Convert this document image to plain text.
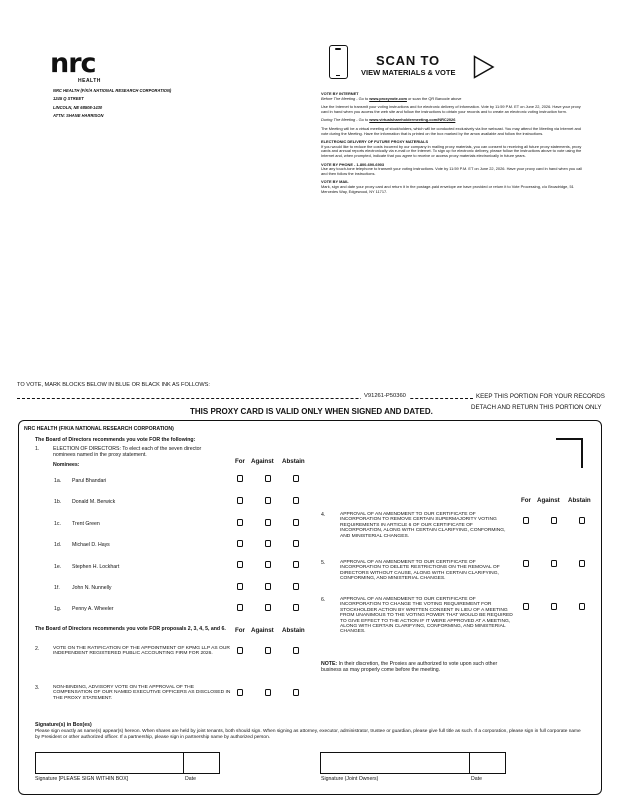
nrc
HEALTH
NRC HEALTH (F/K/A NATIONAL RESEARCH CORPORATION)
1245 Q STREET
LINCOLN, NE 68508-1430
ATTN: SHANE HARRISON
SCAN TO
VIEW MATERIALS & VOTE
VOTE BY INTERNET
Before The Meeting - Go to www.proxyvote.com or scan the QR Barcode above
Use the Internet to transmit your voting instructions and for electronic delivery of information. Vote by 11:59 P.M. ET on June 22, 2026. Have your proxy card in hand when you access the web site and follow the instructions to obtain your records and to create an electronic voting instruction form.
During The Meeting - Go to www.virtualshareholdermeeting.com/NRC2026
The Meeting will be a virtual meeting of stockholders, which will be conducted exclusively via live webcast. You may attend the Meeting via Internet and vote during the Meeting. Have the information that is printed on the box marked by the arrow available and follow the instructions.
ELECTRONIC DELIVERY OF FUTURE PROXY MATERIALS
If you would like to reduce the costs incurred by our company in mailing proxy materials, you can consent to receiving all future proxy statements, proxy cards and annual reports electronically via e-mail or the Internet. To sign up for electronic delivery, please follow the instructions above to vote using the Internet and, when prompted, indicate that you agree to receive or access proxy materials electronically in future years.
VOTE BY PHONE - 1-800-690-6903
Use any touch-tone telephone to transmit your voting instructions. Vote by 11:59 P.M. ET on June 22, 2026. Have your proxy card in hand when you call and then follow the instructions.
VOTE BY MAIL
Mark, sign and date your proxy card and return it in the postage-paid envelope we have provided or return it to Vote Processing, c/o Broadridge, 51 Mercedes Way, Edgewood, NY 11717.
TO VOTE, MARK BLOCKS BELOW IN BLUE OR BLACK INK AS FOLLOWS:
V91261-P50360	KEEP THIS PORTION FOR YOUR RECORDS
DETACH AND RETURN THIS PORTION ONLY
THIS PROXY CARD IS VALID ONLY WHEN SIGNED AND DATED.
NRC HEALTH (F/K/A NATIONAL RESEARCH CORPORATION)
The Board of Directors recommends you vote FOR the following:
1.	ELECTION OF DIRECTORS: To elect each of the seven director nominees named in the proxy statement.
Nominees:	For Against Abstain
1a. Parul Bhandari
1b. Donald M. Berwick
1c. Trent Green
1d. Michael D. Hays
1e. Stephen H. Lockhart
1f. John N. Nunnelly
1g. Penny A. Wheeler
The Board of Directors recommends you vote FOR proposals 2, 3, 4, 5, and 6.	For Against Abstain
2.	VOTE ON THE RATIFICATION OF THE APPOINTMENT OF KPMG LLP AS OUR INDEPENDENT REGISTERED PUBLIC ACCOUNTING FIRM FOR 2026.
3.	NON-BINDING, ADVISORY VOTE ON THE APPROVAL OF THE COMPENSATION OF OUR NAMED EXECUTIVE OFFICERS AS DISCLOSED IN THE PROXY STATEMENT.
For Against Abstain
4.	APPROVAL OF AN AMENDMENT TO OUR CERTIFICATE OF INCORPORATION TO REMOVE CERTAIN SUPERMAJORITY VOTING REQUIREMENTS IN ARTICLE 6 OF OUR CERTIFICATE OF INCORPORATION, ALONG WITH CERTAIN CLARIFYING, CONFORMING, AND MINISTERIAL CHANGES.
5.	APPROVAL OF AN AMENDMENT TO OUR CERTIFICATE OF INCORPORATION TO DELETE RESTRICTIONS ON THE REMOVAL OF DIRECTORS WITHOUT CAUSE, ALONG WITH CERTAIN CLARIFYING, CONFORMING, AND MINISTERIAL CHANGES.
6.	APPROVAL OF AN AMENDMENT TO OUR CERTIFICATE OF INCORPORATION TO CHANGE THE VOTING REQUIREMENT FOR STOCKHOLDER ACTION BY WRITTEN CONSENT IN LIEU OF A MEETING FROM UNANIMOUS TO THE VOTING POWER THAT WOULD BE REQUIRED TO GIVE EFFECT TO THE ACTION IF IT WERE APPROVED AT A MEETING, ALONG WITH CERTAIN CLARIFYING, CONFORMING, AND MINISTERIAL CHANGES.
NOTE: In their discretion, the Proxies are authorized to vote upon such other business as may properly come before the meeting.
Signature(s) in Box(es)
Please sign exactly as name(s) appear(s) hereon. When shares are held by joint tenants, both should sign. When signing as attorney, executor, administrator, trustee or guardian, please give full title as such. If a corporation, please sign in full corporate name by President or other authorized officer. If a partnership, please sign in partnership name by authorized person.
Signature [PLEASE SIGN WITHIN BOX]	Date	Signature (Joint Owners)	Date
